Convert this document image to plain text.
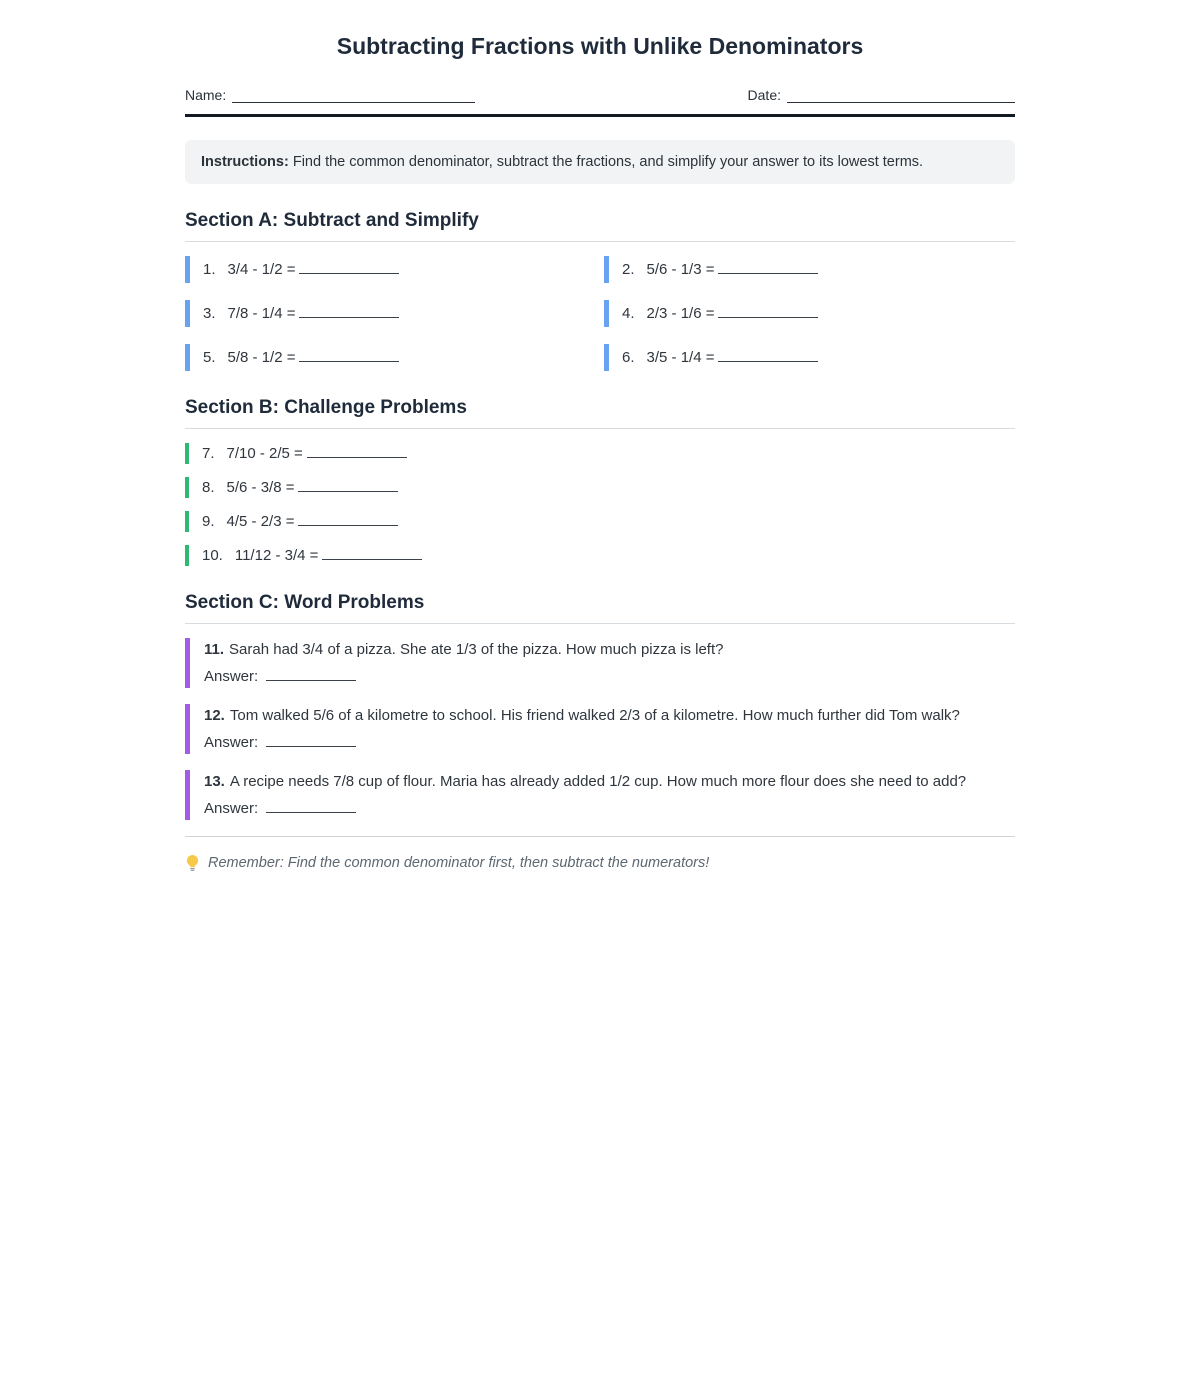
Subtracting Fractions with Unlike Denominators
Name:	Date:
Instructions: Find the common denominator, subtract the fractions, and simplify your answer to its lowest terms.
Section A: Subtract and Simplify
1. 3/4 - 1/2 =	2. 5/6 - 1/3 =
3. 7/8 - 1/4 =	4. 2/3 - 1/6 =
5. 5/8 - 1/2 =	6. 3/5 - 1/4 =
Section B: Challenge Problems
7. 7/10 - 2/5 =
8. 5/6 - 3/8 =
9. 4/5 - 2/3 =
10. 11/12 - 3/4 =
Section C: Word Problems
11. Sarah had 3/4 of a pizza. She ate 1/3 of the pizza. How much pizza is left?
Answer:
12. Tom walked 5/6 of a kilometre to school. His friend walked 2/3 of a kilometre. How much further did Tom walk?
Answer:
13. A recipe needs 7/8 cup of flour. Maria has already added 1/2 cup. How much more flour does she need to add?
Answer:
Remember: Find the common denominator first, then subtract the numerators!
